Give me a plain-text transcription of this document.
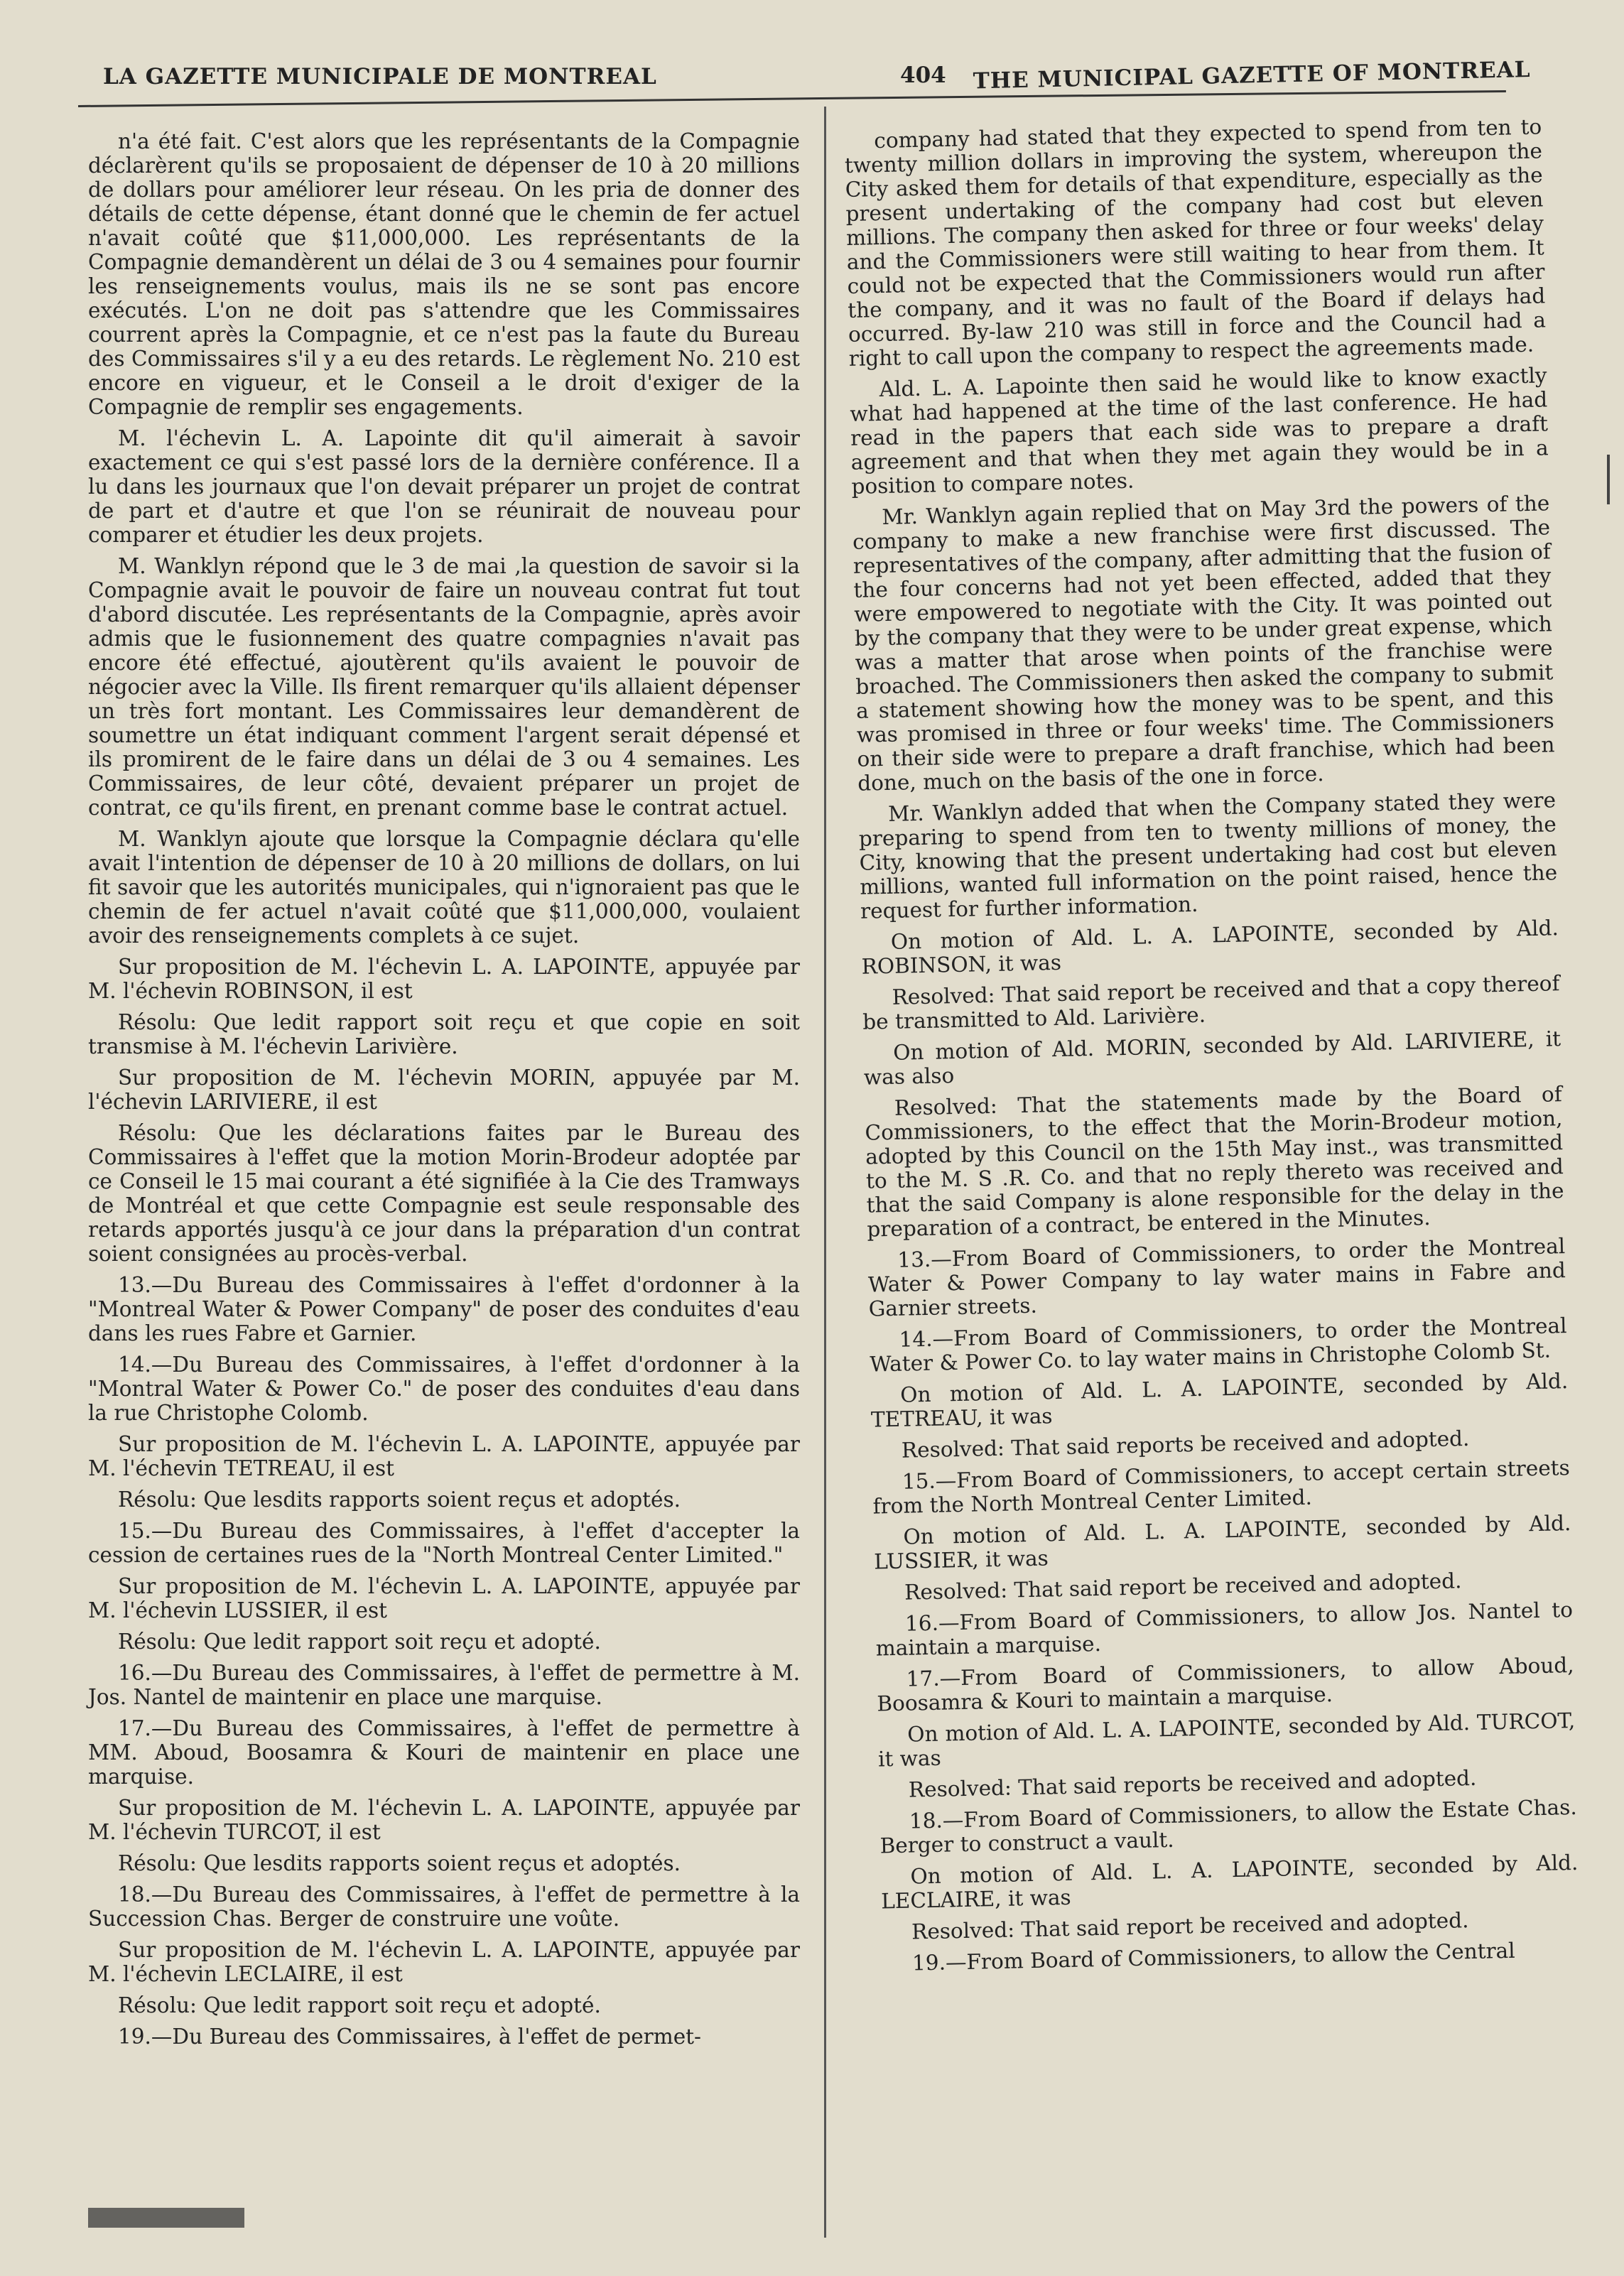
LA GAZETTE MUNICIPALE DE MONTREAL	404 THE MUNICIPAL GAZETTE OF MONTREAL

n'a été fait. C'est alors que les représentants de la Compagnie déclarèrent qu'ils se proposaient de dépenser de 10 à 20 millions de dollars pour améliorer leur réseau. On les pria de donner des détails de cette dépense, étant donné que le chemin de fer actuel n'avait coûté que $11,000,000. Les représentants de la Compagnie demandèrent un délai de 3 ou 4 semaines pour fournir les renseignements voulus, mais ils ne se sont pas encore exécutés. L'on ne doit pas s'attendre que les Commissaires courrent après la Compagnie, et ce n'est pas la faute du Bureau des Commissaires s'il y a eu des retards. Le règlement No. 210 est encore en vigueur, et le Conseil a le droit d'exiger de la Compagnie de remplir ses engagements.

M. l'échevin L. A. Lapointe dit qu'il aimerait à savoir exactement ce qui s'est passé lors de la dernière conférence. Il a lu dans les journaux que l'on devait préparer un projet de contrat de part et d'autre et que l'on se réunirait de nouveau pour comparer et étudier les deux projets.

M. Wanklyn répond que le 3 de mai ,la question de savoir si la Compagnie avait le pouvoir de faire un nouveau contrat fut tout d'abord discutée. Les représentants de la Compagnie, après avoir admis que le fusionnement des quatre compagnies n'avait pas encore été effectué, ajoutèrent qu'ils avaient le pouvoir de négocier avec la Ville. Ils firent remarquer qu'ils allaient dépenser un très fort montant. Les Commissaires leur demandèrent de soumettre un état indiquant comment l'argent serait dépensé et ils promirent de le faire dans un délai de 3 ou 4 semaines. Les Commissaires, de leur côté, devaient préparer un projet de contrat, ce qu'ils firent, en prenant comme base le contrat actuel.

M. Wanklyn ajoute que lorsque la Compagnie déclara qu'elle avait l'intention de dépenser de 10 à 20 millions de dollars, on lui fit savoir que les autorités municipales, qui n'ignoraient pas que le chemin de fer actuel n'avait coûté que $11,000,000, voulaient avoir des renseignements complets à ce sujet.

Sur proposition de M. l'échevin L. A. LAPOINTE, appuyée par M. l'échevin ROBINSON, il est

Résolu: Que ledit rapport soit reçu et que copie en soit transmise à M. l'échevin Larivière.

Sur proposition de M. l'échevin MORIN, appuyée par M. l'échevin LARIVIERE, il est

Résolu: Que les déclarations faites par le Bureau des Commissaires à l'effet que la motion Morin-Brodeur adoptée par ce Conseil le 15 mai courant a été signifiée à la Cie des Tramways de Montréal et que cette Compagnie est seule responsable des retards apportés jusqu'à ce jour dans la préparation d'un contrat soient consignées au procès-verbal.

13.—Du Bureau des Commissaires à l'effet d'ordonner à la "Montreal Water & Power Company" de poser des conduites d'eau dans les rues Fabre et Garnier.

14.—Du Bureau des Commissaires, à l'effet d'ordonner à la "Montral Water & Power Co." de poser des conduites d'eau dans la rue Christophe Colomb.

Sur proposition de M. l'échevin L. A. LAPOINTE, appuyée par M. l'échevin TETREAU, il est

Résolu: Que lesdits rapports soient reçus et adoptés.

15.—Du Bureau des Commissaires, à l'effet d'accepter la cession de certaines rues de la "North Montreal Center Limited."

Sur proposition de M. l'échevin L. A. LAPOINTE, appuyée par M. l'échevin LUSSIER, il est

Résolu: Que ledit rapport soit reçu et adopté.

16.—Du Bureau des Commissaires, à l'effet de permettre à M. Jos. Nantel de maintenir en place une marquise.

17.—Du Bureau des Commissaires, à l'effet de permettre à MM. Aboud, Boosamra & Kouri de maintenir en place une marquise.

Sur proposition de M. l'échevin L. A. LAPOINTE, appuyée par M. l'échevin TURCOT, il est

Résolu: Que lesdits rapports soient reçus et adoptés.

18.—Du Bureau des Commissaires, à l'effet de permettre à la Succession Chas. Berger de construire une voûte.

Sur proposition de M. l'échevin L. A. LAPOINTE, appuyée par M. l'échevin LECLAIRE, il est

Résolu: Que ledit rapport soit reçu et adopté.

19.—Du Bureau des Commissaires, à l'effet de permet-

company had stated that they expected to spend from ten to twenty million dollars in improving the system, whereupon the City asked them for details of that expenditure, especially as the present undertaking of the company had cost but eleven millions. The company then asked for three or four weeks' delay and the Commissioners were still waiting to hear from them. It could not be expected that the Commissioners would run after the company, and it was no fault of the Board if delays had occurred. By-law 210 was still in force and the Council had a right to call upon the company to respect the agreements made.

Ald. L. A. Lapointe then said he would like to know exactly what had happened at the time of the last conference. He had read in the papers that each side was to prepare a draft agreement and that when they met again they would be in a position to compare notes.

Mr. Wanklyn again replied that on May 3rd the powers of the company to make a new franchise were first discussed. The representatives of the company, after admitting that the fusion of the four concerns had not yet been effected, added that they were empowered to negotiate with the City. It was pointed out by the company that they were to be under great expense, which was a matter that arose when points of the franchise were broached. The Commissioners then asked the company to submit a statement showing how the money was to be spent, and this was promised in three or four weeks' time. The Commissioners on their side were to prepare a draft franchise, which had been done, much on the basis of the one in force.

Mr. Wanklyn added that when the Company stated they were preparing to spend from ten to twenty millions of money, the City, knowing that the present undertaking had cost but eleven millions, wanted full information on the point raised, hence the request for further information.

On motion of Ald. L. A. LAPOINTE, seconded by Ald. ROBINSON, it was

Resolved: That said report be received and that a copy thereof be transmitted to Ald. Larivière.

On motion of Ald. MORIN, seconded by Ald. LARIVIERE, it was also

Resolved: That the statements made by the Board of Commissioners, to the effect that the Morin-Brodeur motion, adopted by this Council on the 15th May inst., was transmitted to the M. S .R. Co. and that no reply thereto was received and that the said Company is alone responsible for the delay in the preparation of a contract, be entered in the Minutes.

13.—From Board of Commissioners, to order the Montreal Water & Power Company to lay water mains in Fabre and Garnier streets.

14.—From Board of Commissioners, to order the Montreal Water & Power Co. to lay water mains in Christophe Colomb St.

On motion of Ald. L. A. LAPOINTE, seconded by Ald. TETREAU, it was

Resolved: That said reports be received and adopted.

15.—From Board of Commissioners, to accept certain streets from the North Montreal Center Limited.

On motion of Ald. L. A. LAPOINTE, seconded by Ald. LUSSIER, it was

Resolved: That said report be received and adopted.

16.—From Board of Commissioners, to allow Jos. Nantel to maintain a marquise.

17.—From Board of Commissioners, to allow Aboud, Boosamra & Kouri to maintain a marquise.

On motion of Ald. L. A. LAPOINTE, seconded by Ald. TURCOT, it was

Resolved: That said reports be received and adopted.

18.—From Board of Commissioners, to allow the Estate Chas. Berger to construct a vault.

On motion of Ald. L. A. LAPOINTE, seconded by Ald. LECLAIRE, it was

Resolved: That said report be received and adopted.

19.—From Board of Commissioners, to allow the Central
